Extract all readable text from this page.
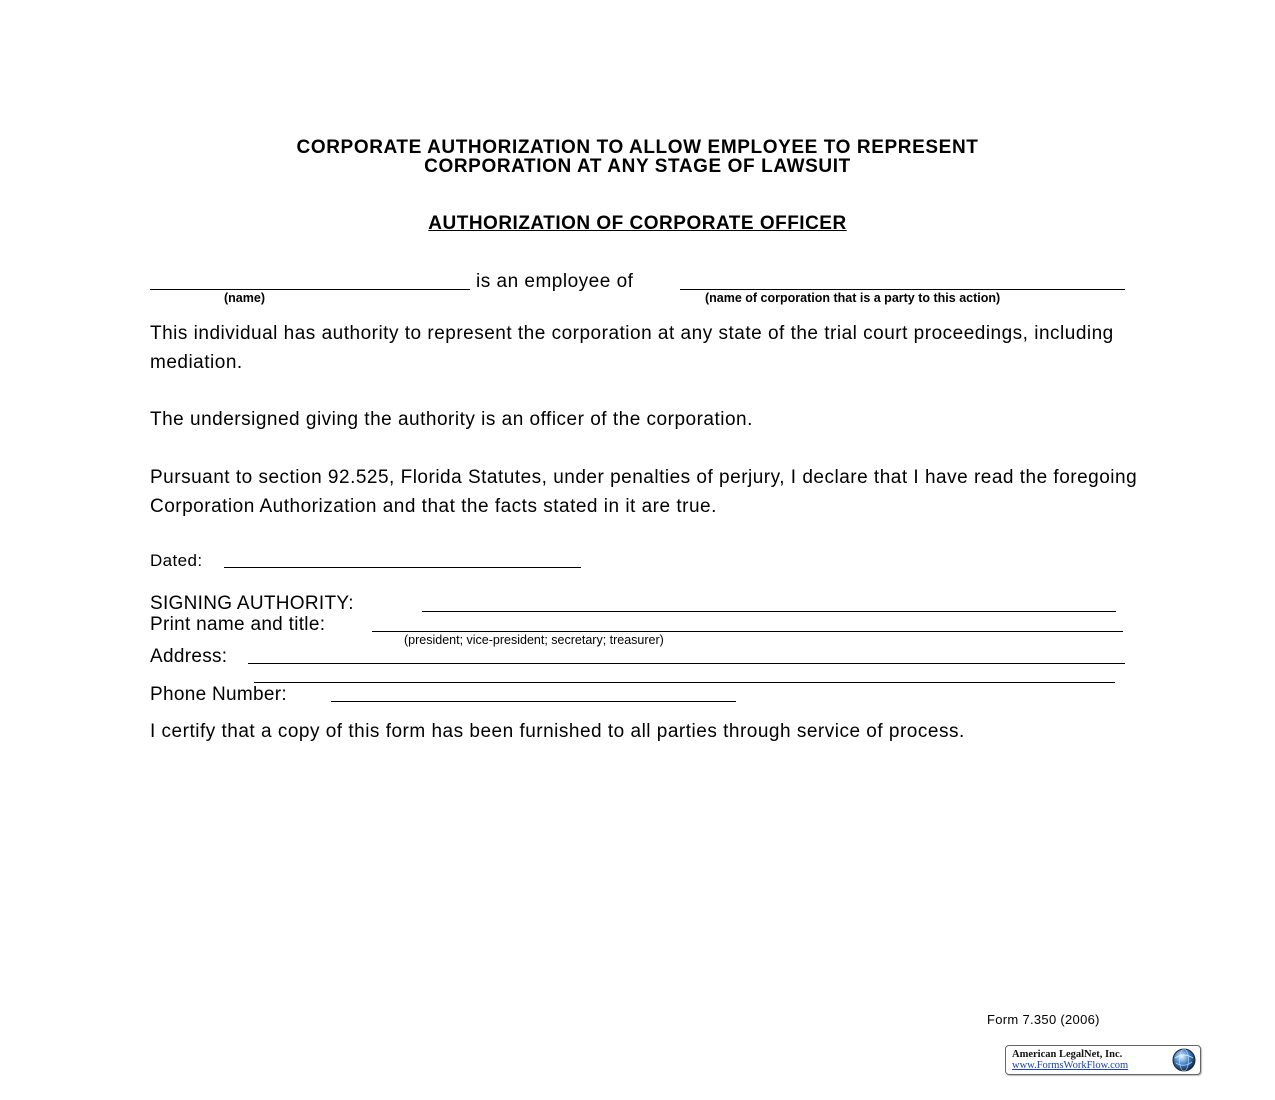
CORPORATE AUTHORIZATION TO ALLOW EMPLOYEE TO REPRESENT
CORPORATION AT ANY STAGE OF LAWSUIT
AUTHORIZATION OF CORPORATE OFFICER
is an employee of
(name)	(name of corporation that is a party to this action)
This individual has authority to represent the corporation at any state of the trial court proceedings, including mediation.
The undersigned giving the authority is an officer of the corporation.
Pursuant to section 92.525, Florida Statutes, under penalties of perjury, I declare that I have read the foregoing Corporation Authorization and that the facts stated in it are true.
Dated:
SIGNING AUTHORITY:
Print name and title:
(president; vice-president; secretary; treasurer)
Address:
Phone Number:
I certify that a copy of this form has been furnished to all parties through service of process.
Form 7.350 (2006)
American LegalNet, Inc.
www.FormsWorkFlow.com
